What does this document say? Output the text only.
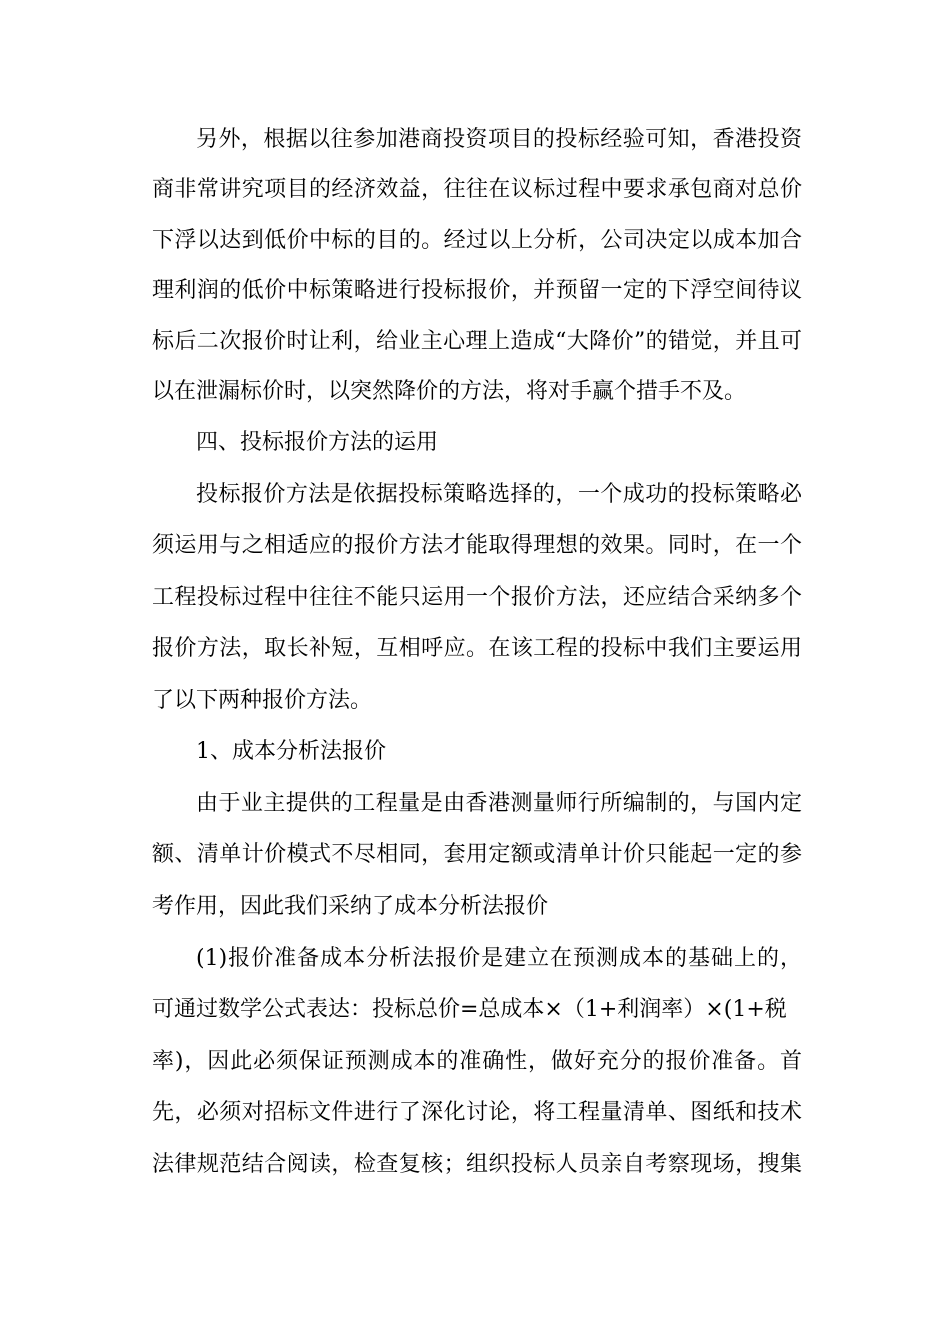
另外，根据以往参加港商投资项目的投标经验可知，香港投资
商非常讲究项目的经济效益，往往在议标过程中要求承包商对总价
下浮以达到低价中标的目的。经过以上分析，公司决定以成本加合
理利润的低价中标策略进行投标报价，并预留一定的下浮空间待议
标后二次报价时让利，给业主心理上造成“大降价”的错觉，并且可
以在泄漏标价时，以突然降价的方法，将对手赢个措手不及。
四、投标报价方法的运用
投标报价方法是依据投标策略选择的，一个成功的投标策略必
须运用与之相适应的报价方法才能取得理想的效果。同时，在一个
工程投标过程中往往不能只运用一个报价方法，还应结合采纳多个
报价方法，取长补短，互相呼应。在该工程的投标中我们主要运用
了以下两种报价方法。
1、成本分析法报价
由于业主提供的工程量是由香港测量师行所编制的，与国内定
额、清单计价模式不尽相同，套用定额或清单计价只能起一定的参
考作用，因此我们采纳了成本分析法报价
(1)报价准备成本分析法报价是建立在预测成本的基础上的，
可通过数学公式表达：投标总价=总成本×（1+利润率）×(1+税
率)，因此必须保证预测成本的准确性，做好充分的报价准备。首
先，必须对招标文件进行了深化讨论，将工程量清单、图纸和技术
法律规范结合阅读，检查复核；组织投标人员亲自考察现场，搜集
